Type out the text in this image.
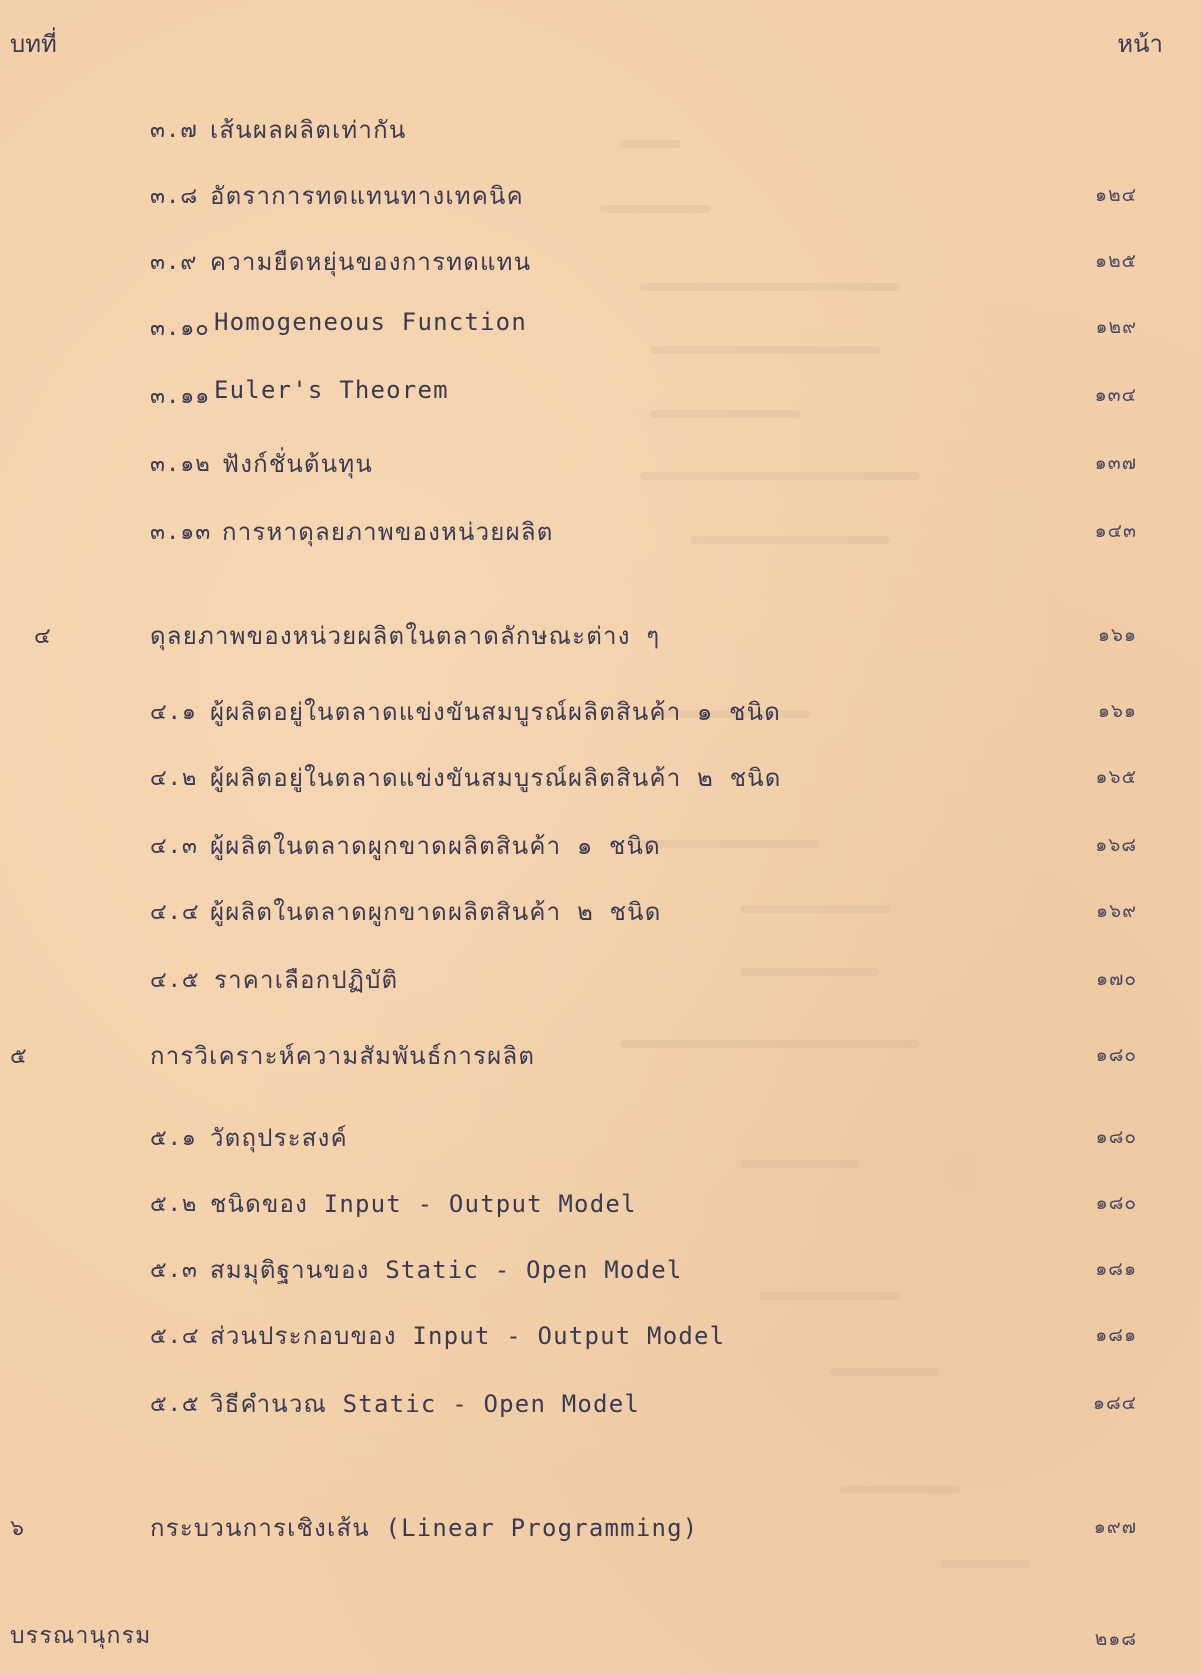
บทที่	หน้า
๓.๗ เส้นผลผลิตเท่ากัน
๓.๘ อัตราการทดแทนทางเทคนิค	๑๒๔
๓.๙ ความยืดหยุ่นของการทดแทน	๑๒๕
๓.๑๐ Homogeneous Function	๑๒๙
๓.๑๑ Euler's Theorem	๑๓๔
๓.๑๒ ฟังก์ชั่นต้นทุน	๑๓๗
๓.๑๓ การหาดุลยภาพของหน่วยผลิต	๑๔๓
๔	ดุลยภาพของหน่วยผลิตในตลาดลักษณะต่าง ๆ	๑๖๑
๔.๑ ผู้ผลิตอยู่ในตลาดแข่งขันสมบูรณ์ผลิตสินค้า ๑ ชนิด	๑๖๑
๔.๒ ผู้ผลิตอยู่ในตลาดแข่งขันสมบูรณ์ผลิตสินค้า ๒ ชนิด	๑๖๕
๔.๓ ผู้ผลิตในตลาดผูกขาดผลิตสินค้า ๑ ชนิด	๑๖๘
๔.๔ ผู้ผลิตในตลาดผูกขาดผลิตสินค้า ๒ ชนิด	๑๖๙
๔.๕ ราคาเลือกปฏิบัติ	๑๗๐
๕	การวิเคราะห์ความสัมพันธ์การผลิต	๑๘๐
๕.๑ วัตถุประสงค์	๑๘๐
๕.๒ ชนิดของ Input - Output Model	๑๘๐
๕.๓ สมมุติฐานของ Static - Open Model	๑๘๑
๕.๔ ส่วนประกอบของ Input - Output Model	๑๘๑
๕.๕ วิธีคำนวณ Static - Open Model	๑๘๔
๖	กระบวนการเชิงเส้น (Linear Programming)	๑๙๗
บรรณานุกรม	๒๑๘
